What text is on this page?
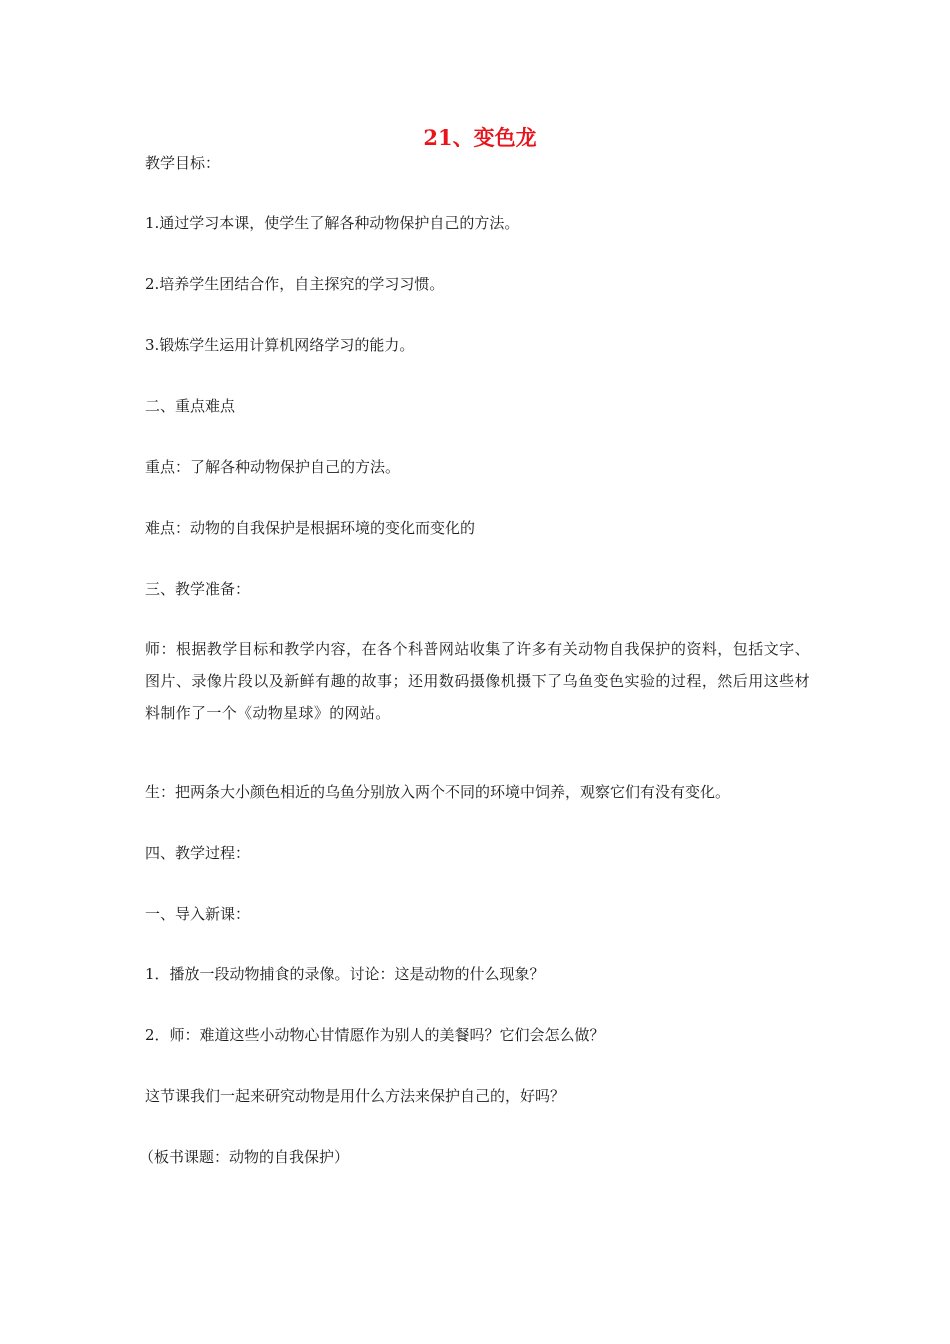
21、变色龙

教学目标：

1.通过学习本课，使学生了解各种动物保护自己的方法。

2.培养学生团结合作，自主探究的学习习惯。

3.锻炼学生运用计算机网络学习的能力。

二、重点难点

重点：了解各种动物保护自己的方法。

难点：动物的自我保护是根据环境的变化而变化的

三、教学准备：

师：根据教学目标和教学内容，在各个科普网站收集了许多有关动物自我保护的资料，包括文字、图片、录像片段以及新鲜有趣的故事；还用数码摄像机摄下了乌鱼变色实验的过程，然后用这些材料制作了一个《动物星球》的网站。

生：把两条大小颜色相近的乌鱼分别放入两个不同的环境中饲养，观察它们有没有变化。

四、教学过程：

一、导入新课：

1．播放一段动物捕食的录像。讨论：这是动物的什么现象？

2．师：难道这些小动物心甘情愿作为别人的美餐吗？它们会怎么做？

这节课我们一起来研究动物是用什么方法来保护自己的，好吗？

（板书课题：动物的自我保护）
